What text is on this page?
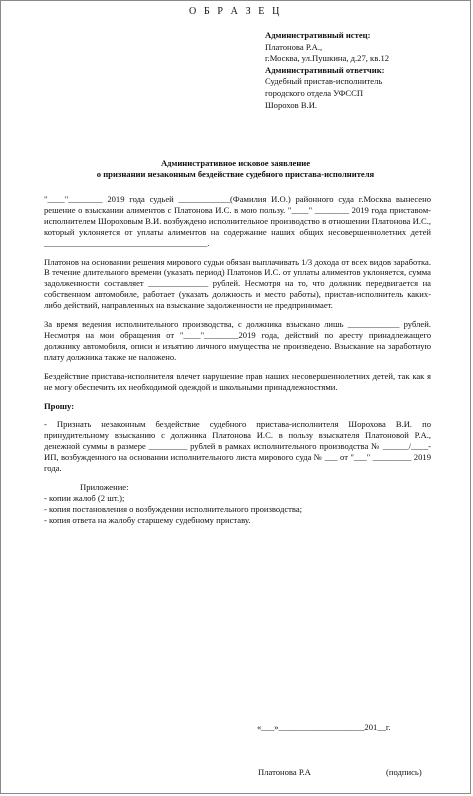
О Б Р А З Е Ц
Административный истец:
Платонова Р.А.,
г.Москва, ул.Пушкина, д.27, кв.12
Административный ответчик:
Судебный пристав-исполнитель
городского отдела УФССП
Шорохов В.И.
Административное исковое заявление
о признании незаконным бездействие судебного пристава-исполнителя

"____"________ 2019 года судьей ____________(Фамилия И.О.) районного суда г.Москва вынесено решение о взыскании алиментов с Платонова И.С. в мою пользу. "____" ________ 2019 года приставом-исполнителем Шороховым В.И. возбуждено исполнительное производство в отношении Платонова И.С., который уклоняется от уплаты алиментов на содержание наших общих несовершеннолетних детей ______________________________________.

Платонов на основании решения мирового судьи обязан выплачивать 1/3 дохода от всех видов заработка. В течение длительного времени (указать период) Платонов И.С. от уплаты алиментов уклоняется, сумма задолженности составляет ______________ рублей. Несмотря на то, что должник передвигается на собственном автомобиле, работает (указать должность и место работы), пристав-исполнитель каких-либо действий, направленных на взыскание задолженности не предпринимает.

За время ведения исполнительного производства, с должника взыскано лишь ____________ рублей. Несмотря на мои обращения от "____"________2019 года, действий по аресту принадлежащего должнику автомобиля, описи и изъятию личного имущества не произведено. Взыскание на заработную плату должника также не наложено.

Бездействие пристава-исполнителя влечет нарушение прав наших несовершеннолетних детей, так как я не могу обеспечить их необходимой одеждой и школьными принадлежностями.

Прошу:

- Признать незаконным бездействие судебного пристава-исполнителя Шорохова В.И. по принудительному взысканию с должника Платонова И.С. в пользу взыскателя Платоновой Р.А., денежной суммы в размере _________ рублей в рамках исполнительного производства № ______/____-ИП, возбужденного на основании исполнительного листа мирового суда № ___ от "___" _________ 2019 года.

Приложение:

- копии жалоб (2 шт.);

- копия постановления о возбуждении исполнительного производства;

- копия ответа на жалобу старшему судебному приставу.

«___»____________________201__г.
Платонова Р.А	(подпись)
